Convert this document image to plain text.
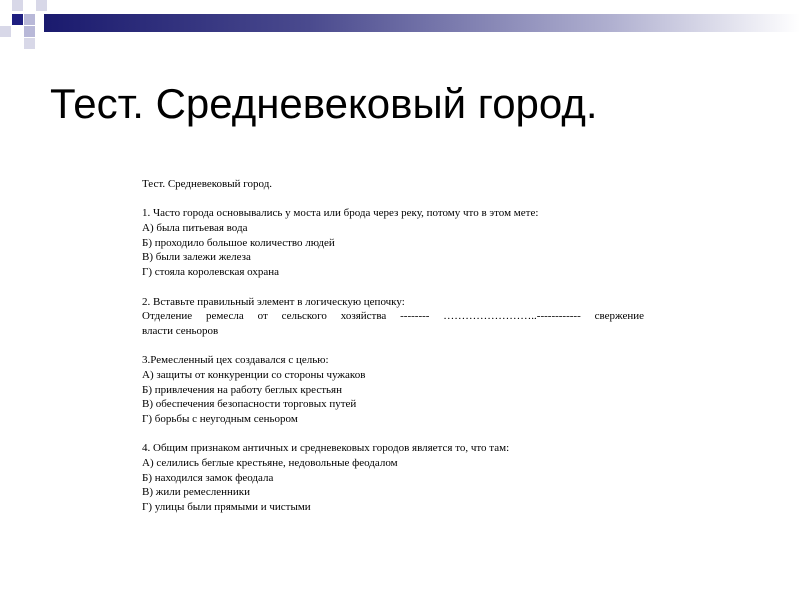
Тест. Средневековый город.
Тест. Средневековый город.
1. Часто города основывались у моста или брода через реку, потому что в этом мете:
А) была питьевая вода
Б) проходило большое количество людей
В) были залежи железа
Г) стояла королевская охрана
2. Вставьте правильный элемент в логическую цепочку:
Отделение ремесла от сельского хозяйства -------- ……………………..------------ свержение
власти сеньоров
3.Ремесленный цех создавался с целью:
А) защиты от конкуренции со стороны чужаков
Б) привлечения на работу беглых крестьян
В) обеспечения безопасности торговых путей
Г) борьбы с неугодным сеньором
4. Общим признаком античных и средневековых городов является то, что там:
А) селились беглые крестьяне, недовольные феодалом
Б) находился замок феодала
В) жили ремесленники
Г) улицы были прямыми и чистыми
